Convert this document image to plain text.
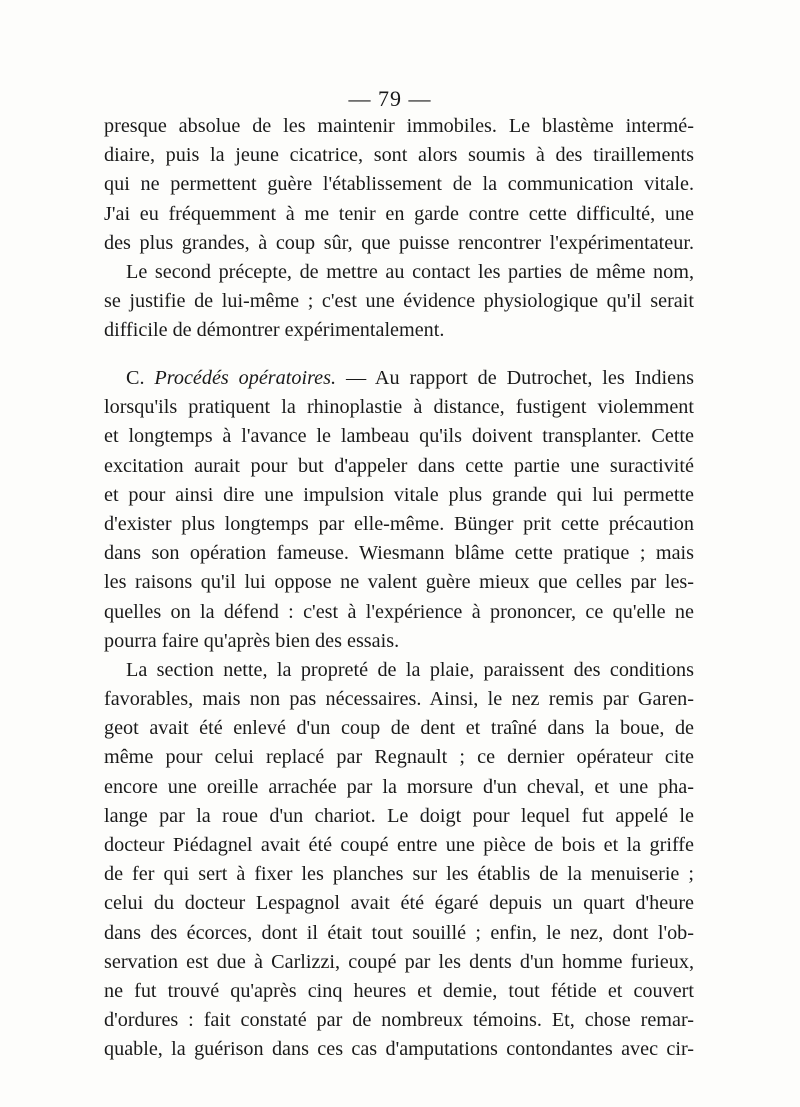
— 79 —
presque absolue de les maintenir immobiles. Le blastème intermé-
diaire, puis la jeune cicatrice, sont alors soumis à des tiraillements
qui ne permettent guère l'établissement de la communication vitale.
J'ai eu fréquemment à me tenir en garde contre cette difficulté, une
des plus grandes, à coup sûr, que puisse rencontrer l'expérimentateur.
Le second précepte, de mettre au contact les parties de même nom,
se justifie de lui-même ; c'est une évidence physiologique qu'il serait
difficile de démontrer expérimentalement.
C. Procédés opératoires. — Au rapport de Dutrochet, les Indiens
lorsqu'ils pratiquent la rhinoplastie à distance, fustigent violemment
et longtemps à l'avance le lambeau qu'ils doivent transplanter. Cette
excitation aurait pour but d'appeler dans cette partie une suractivité
et pour ainsi dire une impulsion vitale plus grande qui lui permette
d'exister plus longtemps par elle-même. Bünger prit cette précaution
dans son opération fameuse. Wiesmann blâme cette pratique ; mais
les raisons qu'il lui oppose ne valent guère mieux que celles par les-
quelles on la défend : c'est à l'expérience à prononcer, ce qu'elle ne
pourra faire qu'après bien des essais.
La section nette, la propreté de la plaie, paraissent des conditions
favorables, mais non pas nécessaires. Ainsi, le nez remis par Garen-
geot avait été enlevé d'un coup de dent et traîné dans la boue, de
même pour celui replacé par Regnault ; ce dernier opérateur cite
encore une oreille arrachée par la morsure d'un cheval, et une pha-
lange par la roue d'un chariot. Le doigt pour lequel fut appelé le
docteur Piédagnel avait été coupé entre une pièce de bois et la griffe
de fer qui sert à fixer les planches sur les établis de la menuiserie ;
celui du docteur Lespagnol avait été égaré depuis un quart d'heure
dans des écorces, dont il était tout souillé ; enfin, le nez, dont l'ob-
servation est due à Carlizzi, coupé par les dents d'un homme furieux,
ne fut trouvé qu'après cinq heures et demie, tout fétide et couvert
d'ordures : fait constaté par de nombreux témoins. Et, chose remar-
quable, la guérison dans ces cas d'amputations contondantes avec cir-
